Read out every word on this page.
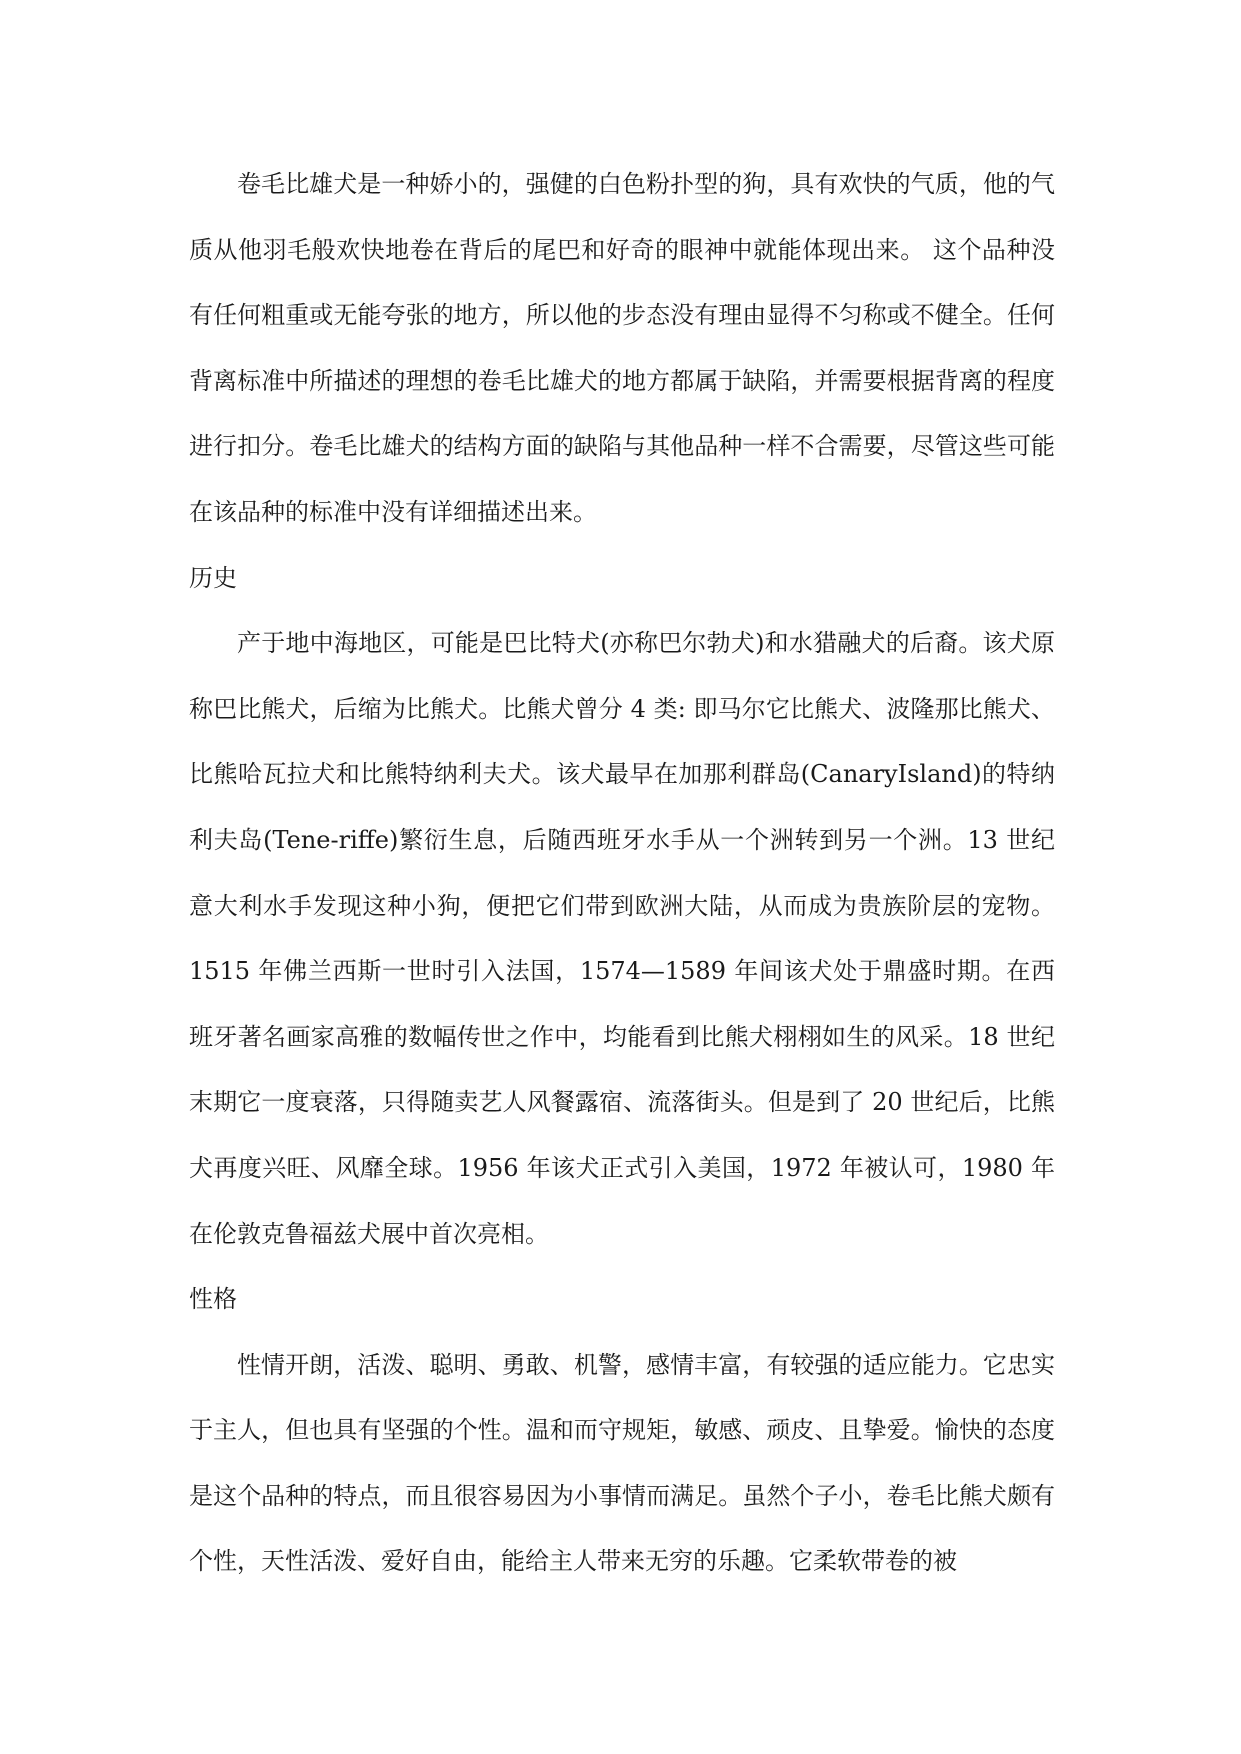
卷毛比雄犬是一种娇小的，强健的白色粉扑型的狗，具有欢快的气质，他的气质从他羽毛般欢快地卷在背后的尾巴和好奇的眼神中就能体现出来。 这个品种没有任何粗重或无能夸张的地方，所以他的步态没有理由显得不匀称或不健全。任何背离标准中所描述的理想的卷毛比雄犬的地方都属于缺陷，并需要根据背离的程度进行扣分。卷毛比雄犬的结构方面的缺陷与其他品种一样不合需要，尽管这些可能在该品种的标准中没有详细描述出来。

历史

产于地中海地区，可能是巴比特犬(亦称巴尔勃犬)和水猎融犬的后裔。该犬原称巴比熊犬，后缩为比熊犬。比熊犬曾分 4 类: 即马尔它比熊犬、波隆那比熊犬、比熊哈瓦拉犬和比熊特纳利夫犬。该犬最早在加那利群岛(CanaryIsland)的特纳利夫岛(Tene-riffe)繁衍生息，后随西班牙水手从一个洲转到另一个洲。13 世纪意大利水手发现这种小狗，便把它们带到欧洲大陆，从而成为贵族阶层的宠物。1515 年佛兰西斯一世时引入法国，1574—1589 年间该犬处于鼎盛时期。在西班牙著名画家高雅的数幅传世之作中，均能看到比熊犬栩栩如生的风采。18 世纪末期它一度衰落，只得随卖艺人风餐露宿、流落街头。但是到了 20 世纪后，比熊犬再度兴旺、风靡全球。1956 年该犬正式引入美国，1972 年被认可，1980 年在伦敦克鲁福兹犬展中首次亮相。

性格

性情开朗，活泼、聪明、勇敢、机警，感情丰富，有较强的适应能力。它忠实于主人，但也具有坚强的个性。温和而守规矩，敏感、顽皮、且挚爱。愉快的态度是这个品种的特点，而且很容易因为小事情而满足。虽然个子小，卷毛比熊犬颇有个性，天性活泼、爱好自由，能给主人带来无穷的乐趣。它柔软带卷的被
